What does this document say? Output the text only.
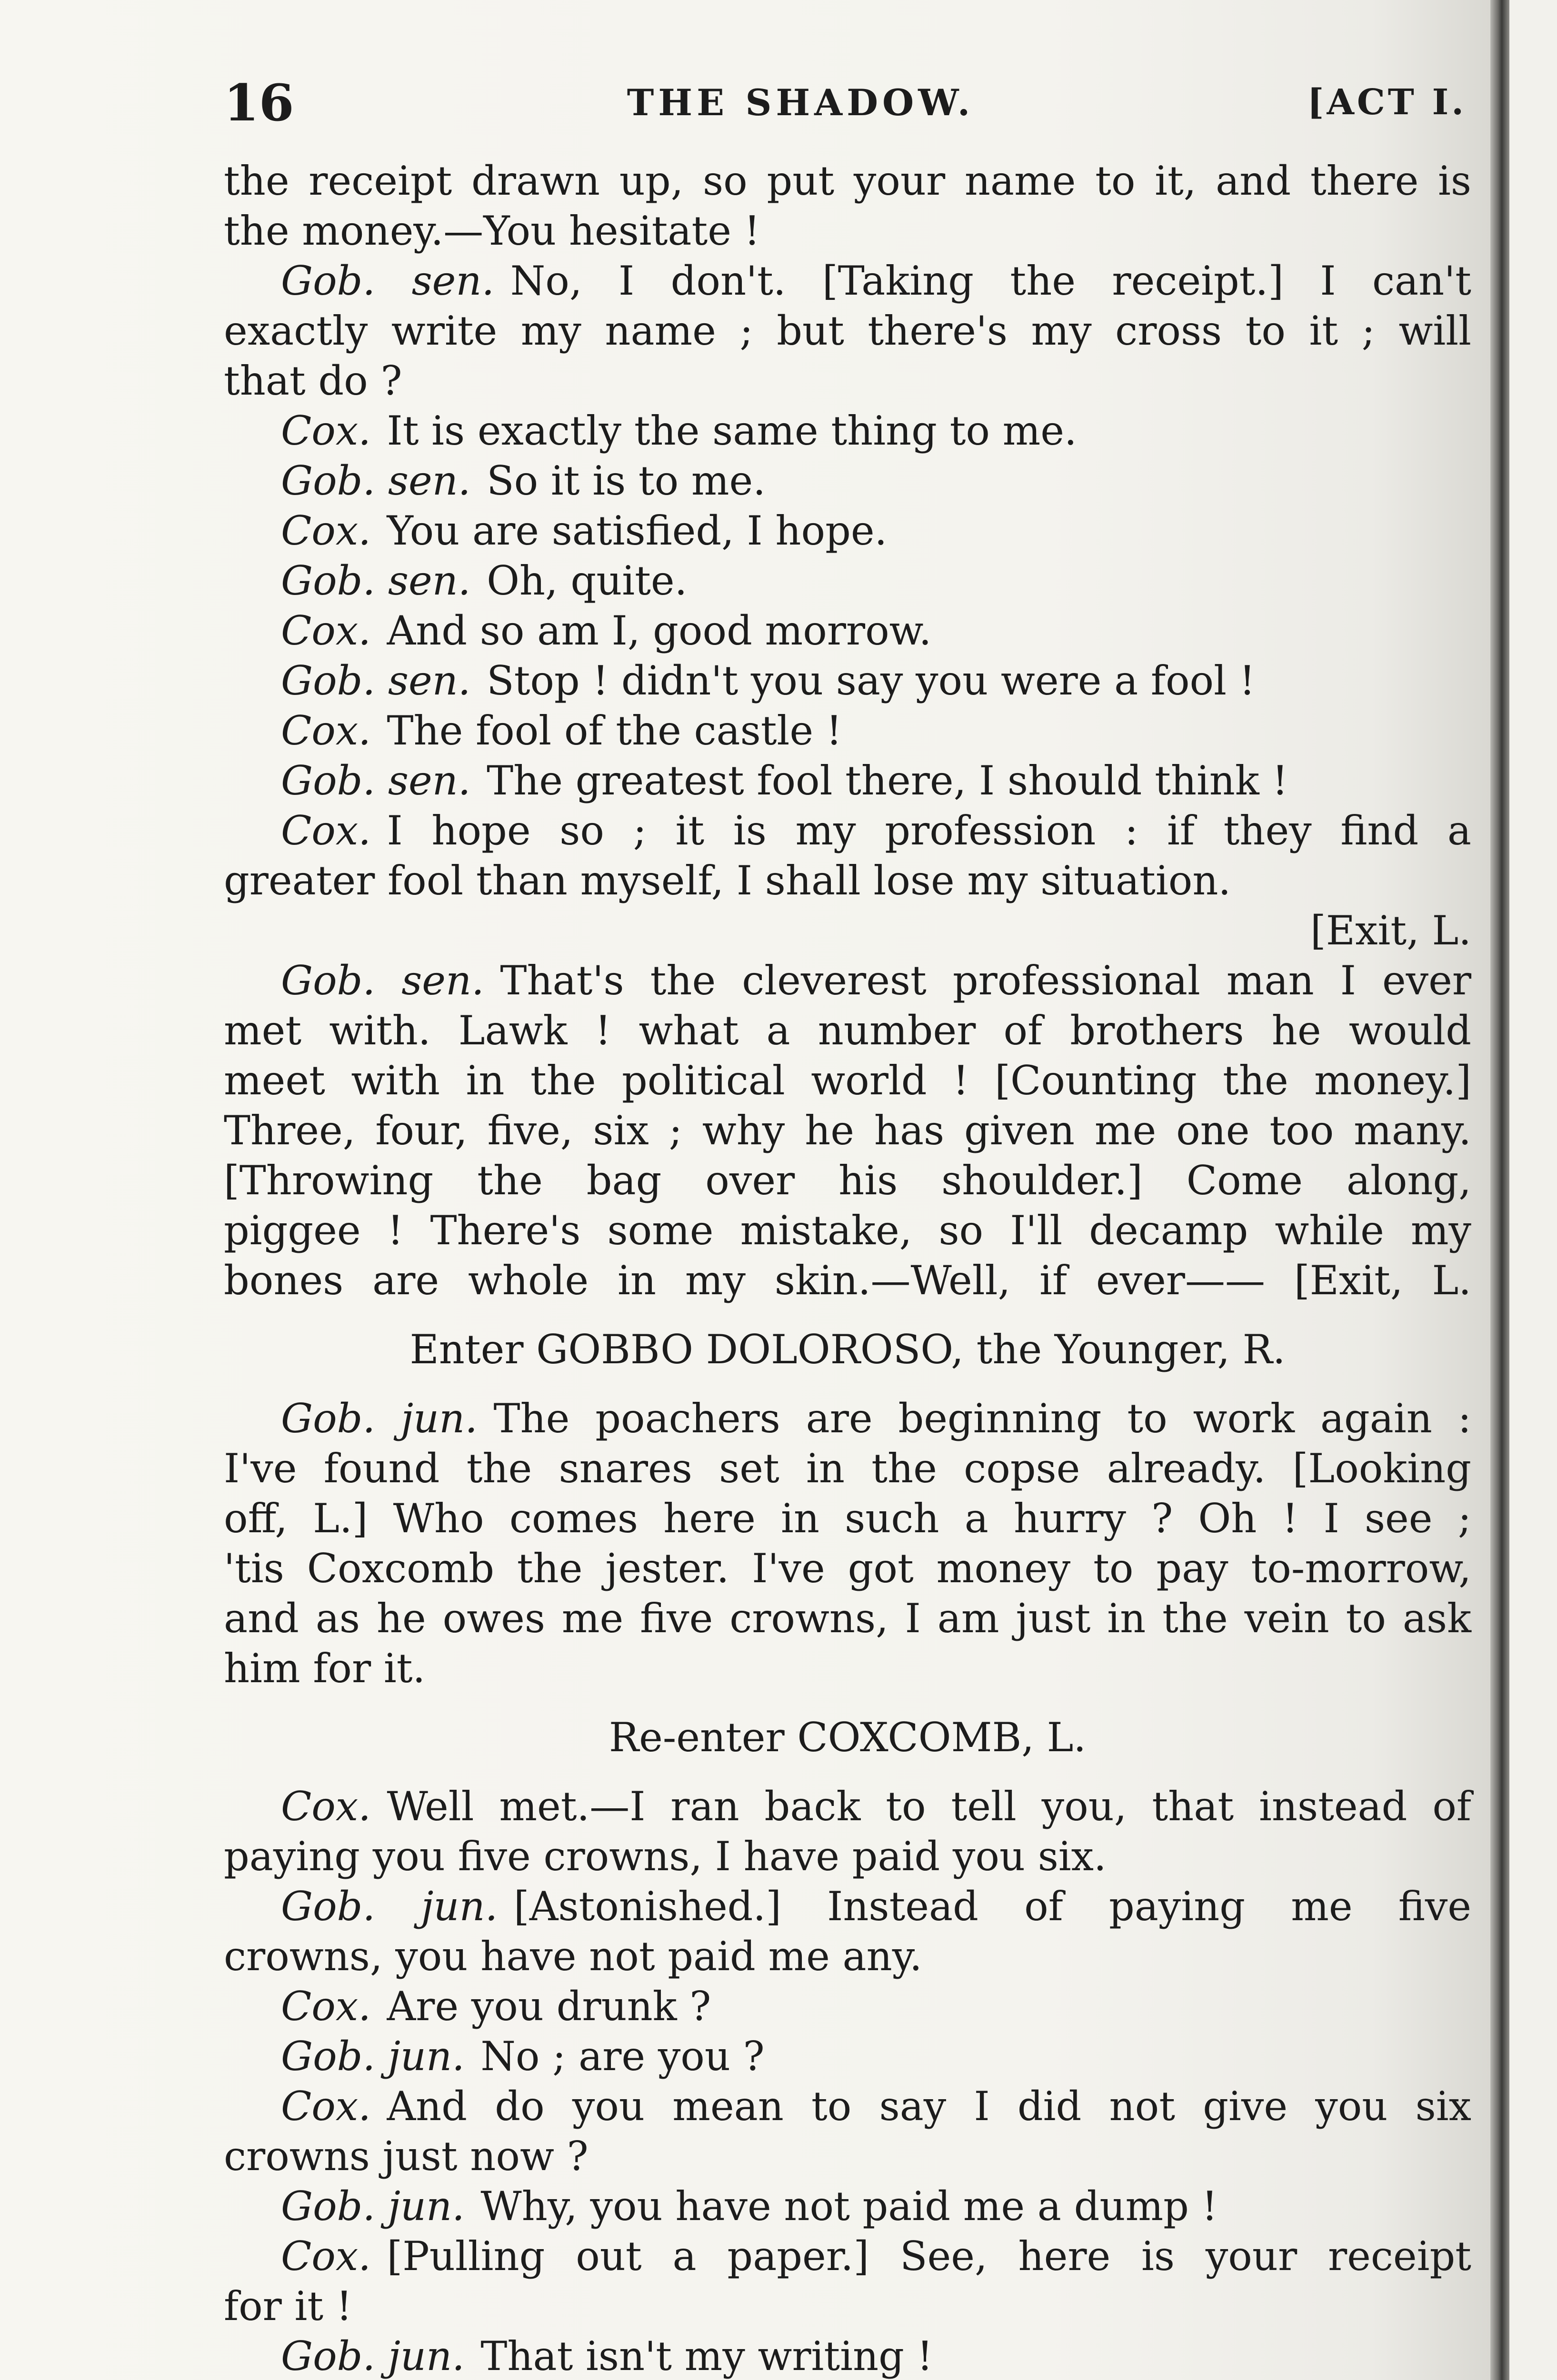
16	THE SHADOW.	[ACT I.
the receipt drawn up, so put your name to it, and there is
the money.—You hesitate !
Gob. sen. No, I don't. [Taking the receipt.] I can't
exactly write my name ; but there's my cross to it ; will
that do ?
Cox. It is exactly the same thing to me.
Gob. sen. So it is to me.
Cox. You are satisfied, I hope.
Gob. sen. Oh, quite.
Cox. And so am I, good morrow.
Gob. sen. Stop ! didn't you say you were a fool !
Cox. The fool of the castle !
Gob. sen. The greatest fool there, I should think !
Cox. I hope so ; it is my profession : if they find a
greater fool than myself, I shall lose my situation.
[Exit, L.
Gob. sen. That's the cleverest professional man I ever
met with. Lawk ! what a number of brothers he would
meet with in the political world ! [Counting the money.]
Three, four, five, six ; why he has given me one too many.
[Throwing the bag over his shoulder.] Come along,
piggee ! There's some mistake, so I'll decamp while my
bones are whole in my skin.—Well, if ever—— [Exit, L.
Enter GOBBO DOLOROSO, the Younger, R.
Gob. jun. The poachers are beginning to work again :
I've found the snares set in the copse already. [Looking
off, L.] Who comes here in such a hurry ? Oh ! I see ;
'tis Coxcomb the jester. I've got money to pay to-morrow,
and as he owes me five crowns, I am just in the vein to ask
him for it.
Re-enter COXCOMB, L.
Cox. Well met.—I ran back to tell you, that instead of
paying you five crowns, I have paid you six.
Gob. jun. [Astonished.] Instead of paying me five
crowns, you have not paid me any.
Cox. Are you drunk ?
Gob. jun. No ; are you ?
Cox. And do you mean to say I did not give you six
crowns just now ?
Gob. jun. Why, you have not paid me a dump !
Cox. [Pulling out a paper.] See, here is your receipt
for it !
Gob. jun. That isn't my writing !
